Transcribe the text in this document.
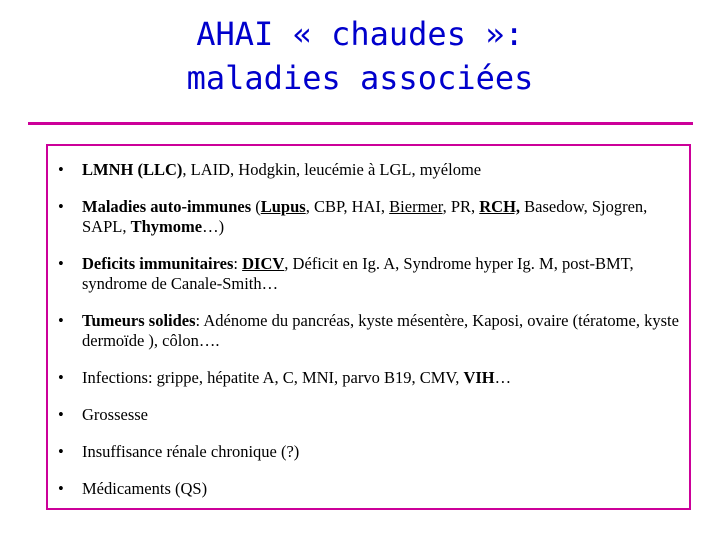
AHAI « chaudes »:
maladies associées
• LMNH (LLC), LAID, Hodgkin, leucémie à LGL, myélome
• Maladies auto-immunes (Lupus, CBP, HAI, Biermer, PR, RCH, Basedow, Sjogren, SAPL, Thymome…)
• Deficits immunitaires: DICV, Déficit en Ig. A, Syndrome hyper Ig. M, post-BMT, syndrome de Canale-Smith…
• Tumeurs solides: Adénome du pancréas, kyste mésentère, Kaposi, ovaire (tératome, kyste dermoïde ), côlon….
• Infections: grippe, hépatite A, C, MNI, parvo B19, CMV, VIH…
• Grossesse
• Insuffisance rénale chronique (?)
• Médicaments (QS)
